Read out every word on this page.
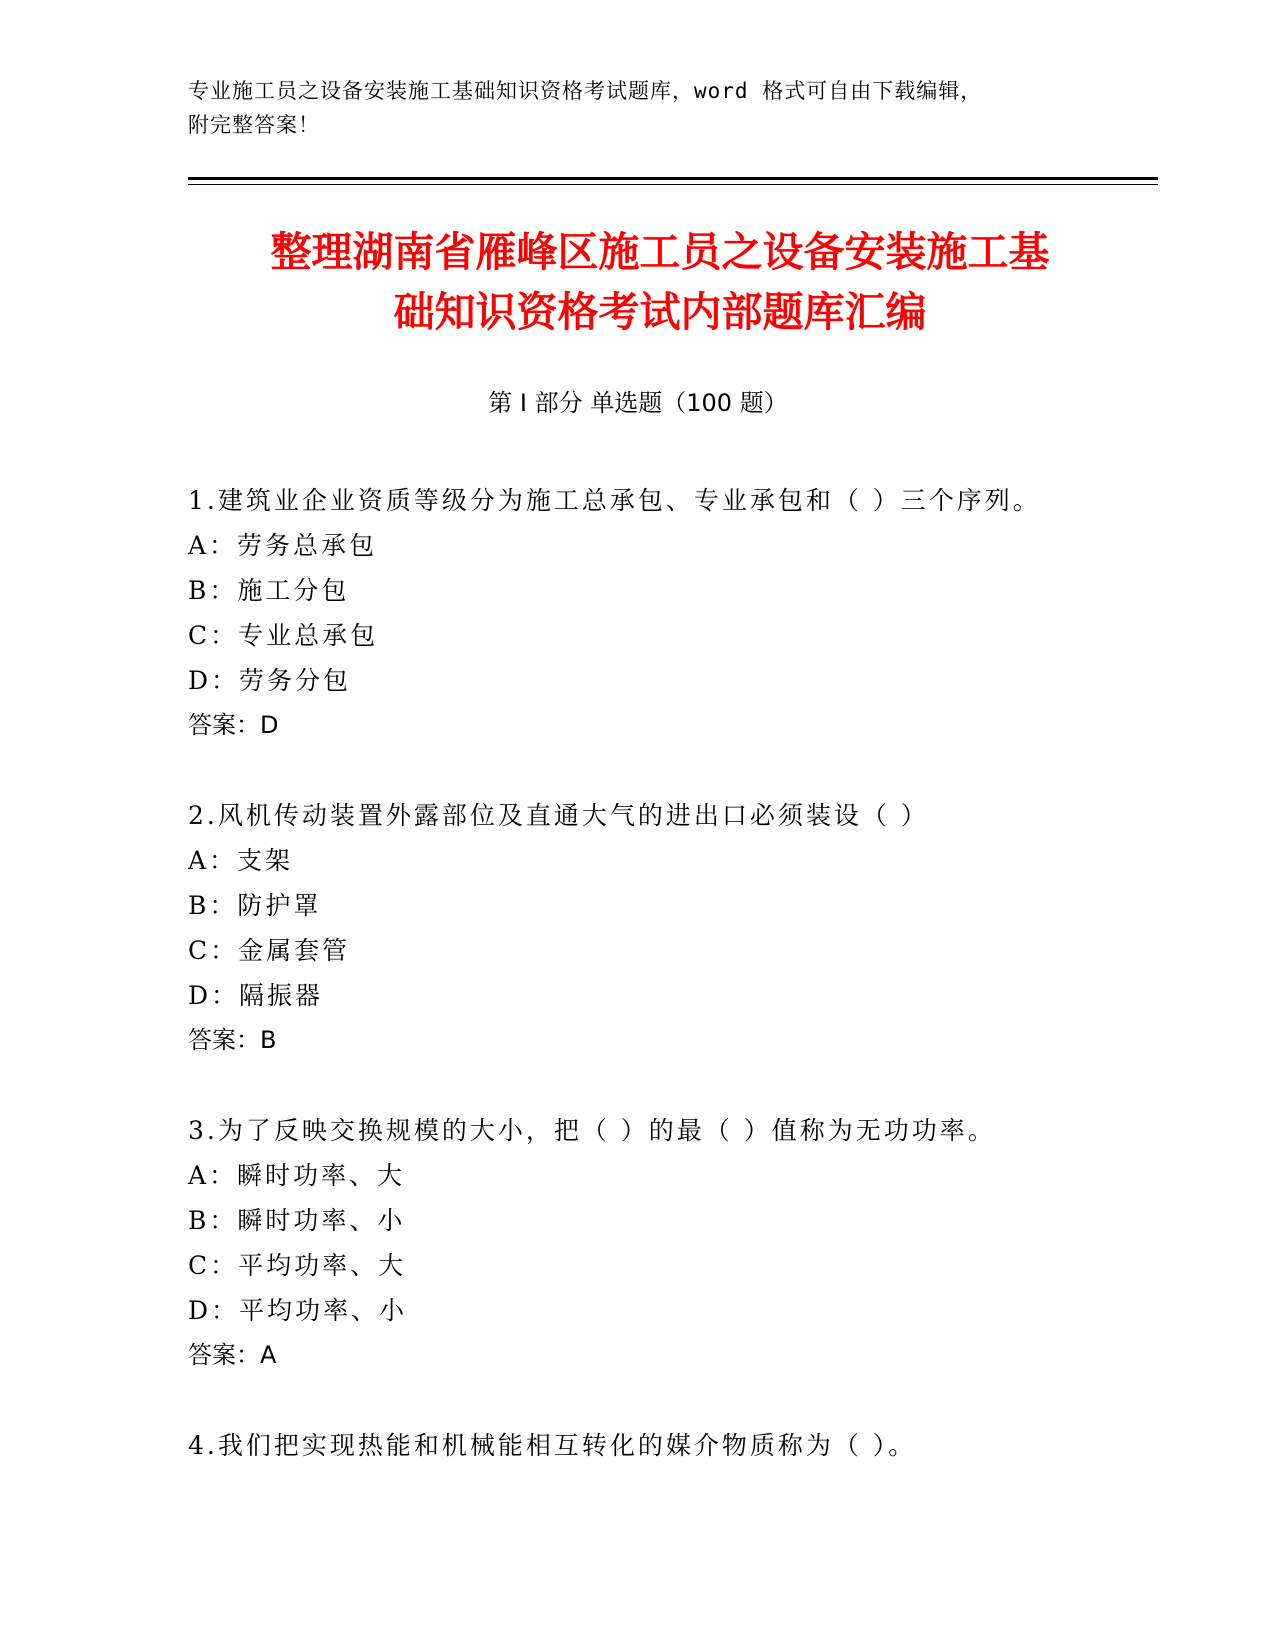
专业施工员之设备安装施工基础知识资格考试题库，word 格式可自由下载编辑，
附完整答案！
整理湖南省雁峰区施工员之设备安装施工基
础知识资格考试内部题库汇编
第 I 部分 单选题（100 题）
1.建筑业企业资质等级分为施工总承包、专业承包和（ ）三个序列。
A：劳务总承包
B：施工分包
C：专业总承包
D：劳务分包
答案：D
2.风机传动装置外露部位及直通大气的进出口必须装设（ ）
A：支架
B：防护罩
C：金属套管
D：隔振器
答案：B
3.为了反映交换规模的大小，把（ ）的最（ ）值称为无功功率。
A：瞬时功率、大
B：瞬时功率、小
C：平均功率、大
D：平均功率、小
答案：A
4.我们把实现热能和机械能相互转化的媒介物质称为（ ）。
